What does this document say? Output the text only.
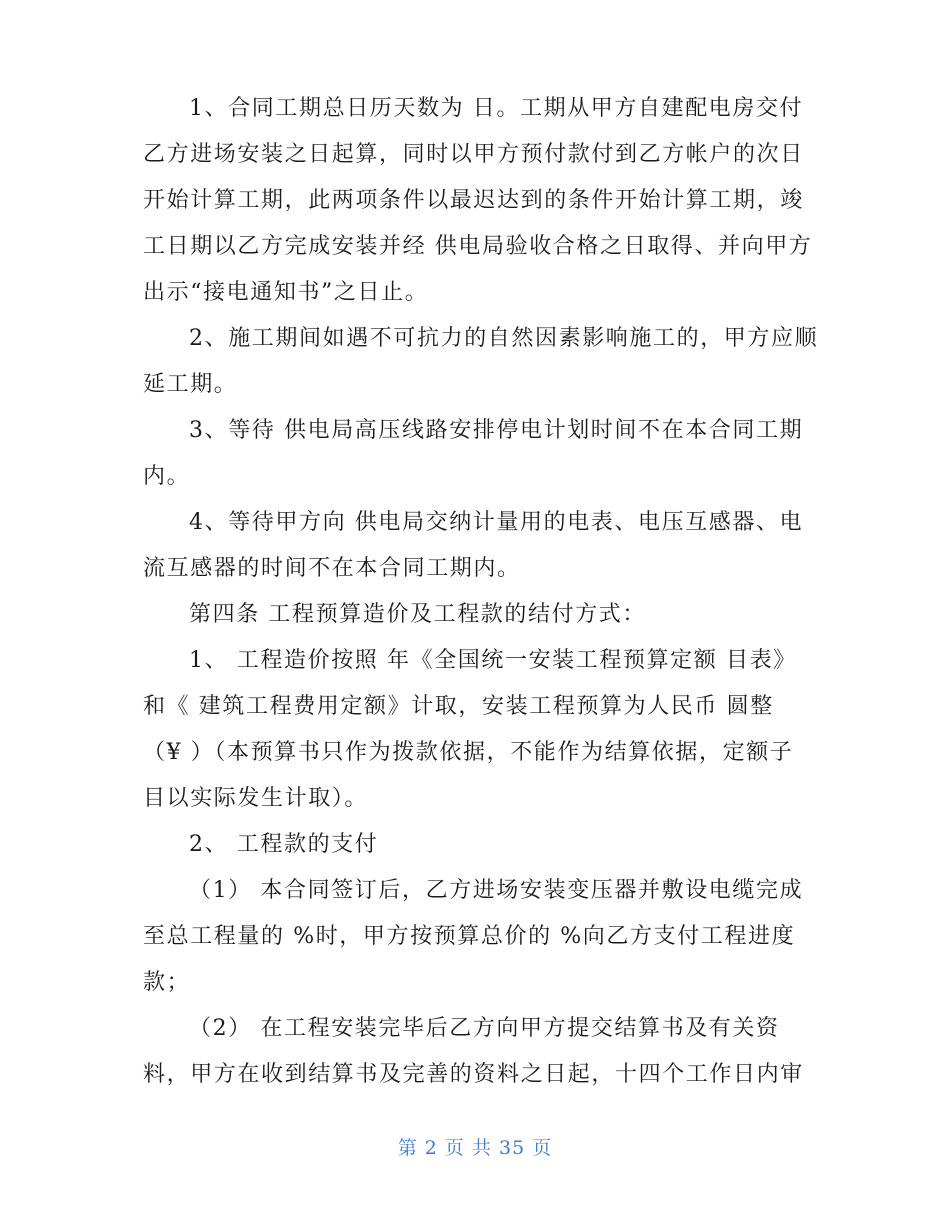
1、合同工期总日历天数为 日。工期从甲方自建配电房交付
乙方进场安装之日起算，同时以甲方预付款付到乙方帐户的次日
开始计算工期，此两项条件以最迟达到的条件开始计算工期，竣
工日期以乙方完成安装并经 供电局验收合格之日取得、并向甲方
出示“接电通知书”之日止。
2、施工期间如遇不可抗力的自然因素影响施工的，甲方应顺
延工期。
3、等待 供电局高压线路安排停电计划时间不在本合同工期
内。
4、等待甲方向 供电局交纳计量用的电表、电压互感器、电
流互感器的时间不在本合同工期内。
第四条 工程预算造价及工程款的结付方式：
1、 工程造价按照 年《全国统一安装工程预算定额 目表》
和《 建筑工程费用定额》计取，安装工程预算为人民币 圆整
（¥ ）（本预算书只作为拨款依据，不能作为结算依据，定额子
目以实际发生计取）。
2、 工程款的支付
（1） 本合同签订后，乙方进场安装变压器并敷设电缆完成
至总工程量的 %时，甲方按预算总价的 %向乙方支付工程进度
款；
（2） 在工程安装完毕后乙方向甲方提交结算书及有关资
料，甲方在收到结算书及完善的资料之日起，十四个工作日内审
第 2 页 共 35 页
